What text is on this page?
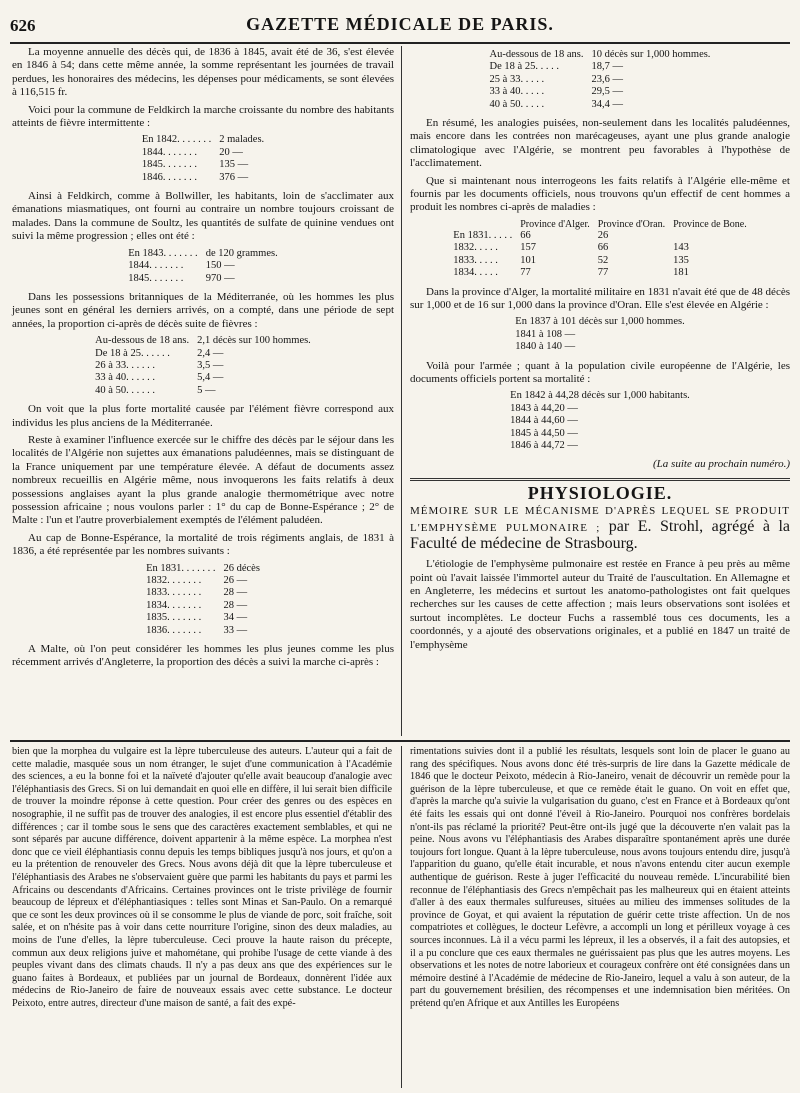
626	GAZETTE MÉDICALE DE PARIS.

La moyenne annuelle des décès qui, de 1836 à 1845, avait été de 36, s'est élevée en 1846 à 54; dans cette même année, la somme représentant les journées de travail perdues, les honoraires des médecins, les dépenses pour médicaments, se sont élevées à 116,515 fr.

Voici pour la commune de Feldkirch la marche croissante du nombre des habitants atteints de fièvre intermittente :

En 1842. . . . . . .	2 malades.
1844. . . . . . .	20 —
1845. . . . . . .	135 —
1846. . . . . . .	376 —

Ainsi à Feldkirch, comme à Bollwiller, les habitants, loin de s'acclimater aux émanations miasmatiques, ont fourni au contraire un nombre toujours croissant de malades. Dans la commune de Soultz, les quantités de sulfate de quinine vendues ont suivi la même progression ; elles ont été :

En 1843. . . . . . .	de 120 grammes.
1844. . . . . . .	150 —
1845. . . . . . .	970 —

Dans les possessions britanniques de la Méditerranée, où les hommes les plus jeunes sont en général les derniers arrivés, on a compté, dans une période de sept années, la proportion ci-après de décès suite de fièvres :

Au-dessous de 18 ans.	2,1 décès sur 100 hommes.
De 18 à 25. . . . . .	2,4 —
26 à 33. . . . . .	3,5 —
33 à 40. . . . . .	5,4 —
40 à 50. . . . . .	5 —

On voit que la plus forte mortalité causée par l'élément fièvre correspond aux individus les plus anciens de la Méditerranée.

Reste à examiner l'influence exercée sur le chiffre des décès par le séjour dans les localités de l'Algérie non sujettes aux émanations paludéennes, mais se distinguant de la France uniquement par une température élevée. A défaut de documents assez nombreux recueillis en Algérie même, nous invoquerons les faits relatifs à deux possessions anglaises ayant la plus grande analogie thermométrique avec notre possession africaine ; nous voulons parler : 1° du cap de Bonne-Espérance ; 2° de Malte : l'un et l'autre proverbialement exemptés de l'élément paludéen.

Au cap de Bonne-Espérance, la mortalité de trois régiments anglais, de 1831 à 1836, a été représentée par les nombres suivants :

En 1831. . . . . . .	26 décès
1832. . . . . . .	26 —
1833. . . . . . .	28 —
1834. . . . . . .	28 —
1835. . . . . . .	34 —
1836. . . . . . .	33 —

A Malte, où l'on peut considérer les hommes les plus jeunes comme les plus récemment arrivés d'Angleterre, la proportion des décès a suivi la marche ci-après :

Au-dessous de 18 ans.	10 décès sur 1,000 hommes.
De 18 à 25. . . . .	18,7 —
25 à 33. . . . .	23,6 —
33 à 40. . . . .	29,5 —
40 à 50. . . . .	34,4 —

En résumé, les analogies puisées, non-seulement dans les localités paludéennes, mais encore dans les contrées non marécageuses, ayant une plus grande analogie climatologique avec l'Algérie, se montrent peu favorables à l'hypothèse de l'acclimatement.

Que si maintenant nous interrogeons les faits relatifs à l'Algérie elle-même et fournis par les documents officiels, nous trouvons qu'un effectif de cent hommes a produit les nombres ci-après de maladies :

	Province d'Alger.	Province d'Oran.	Province de Bone.
En 1831. . . . .	66	26	
1832. . . . .	157	66	143
1833. . . . .	101	52	135
1834. . . . .	77	77	181

Dans la province d'Alger, la mortalité militaire en 1831 n'avait été que de 48 décès sur 1,000 et de 16 sur 1,000 dans la province d'Oran. Elle s'est élevée en Algérie :

En 1837 à 101 décès sur 1,000 hommes.
1841 à 108 —
1840 à 140 —

Voilà pour l'armée ; quant à la population civile européenne de l'Algérie, les documents officiels portent sa mortalité :

En 1842 à 44,28 décès sur 1,000 habitants.
1843 à 44,20 —
1844 à 44,60 —
1845 à 44,50 —
1846 à 44,72 —
(La suite au prochain numéro.)
PHYSIOLOGIE.
MÉMOIRE SUR LE MÉCANISME D'APRÈS LEQUEL SE PRODUIT L'EMPHYSÈME PULMONAIRE ; par E. Strohl, agrégé à la Faculté de médecine de Strasbourg.

L'étiologie de l'emphysème pulmonaire est restée en France à peu près au même point où l'avait laissée l'immortel auteur du Traité de l'auscultation. En Allemagne et en Angleterre, les médecins et surtout les anatomo-pathologistes ont fait quelques recherches sur les causes de cette affection ; mais leurs observations sont isolées et surtout incomplètes. Le docteur Fuchs a rassemblé tous ces documents, les a coordonnés, y a ajouté des observations originales, et a publié en 1847 un traité de l'emphysème

bien que la morphea du vulgaire est la lèpre tuberculeuse des auteurs. L'auteur qui a fait de cette maladie, masquée sous un nom étranger, le sujet d'une communication à l'Académie des sciences, a eu la bonne foi et la naïveté d'ajouter qu'elle avait beaucoup d'analogie avec l'éléphantiasis des Grecs. Si on lui demandait en quoi elle en diffère, il lui serait bien difficile de trouver la moindre réponse à cette question. Pour créer des genres ou des espèces en nosographie, il ne suffit pas de trouver des analogies, il est encore plus essentiel d'établir des différences ; car il tombe sous le sens que des caractères exactement semblables, et qui ne sont séparés par aucune différence, doivent appartenir à la même espèce. La morphea n'est donc que ce vieil éléphantiasis connu depuis les temps bibliques jusqu'à nos jours, et qu'on a eu la prétention de renouveler des Grecs. Nous avons déjà dit que la lèpre tuberculeuse et l'éléphantiasis des Arabes ne s'observaient guère que parmi les habitants du pays et parmi les Africains ou descendants d'Africains. Certaines provinces ont le triste privilège de fournir beaucoup de lépreux et d'éléphantiasiques : telles sont Minas et San-Paulo. On a remarqué que ce sont les deux provinces où il se consomme le plus de viande de porc, soit fraîche, soit salée, et on n'hésite pas à voir dans cette nourriture l'origine, sinon des deux maladies, au moins de l'une d'elles, la lèpre tuberculeuse. Ceci prouve la haute raison du précepte, commun aux deux religions juive et mahométane, qui prohibe l'usage de cette viande à des peuples vivant dans des climats chauds. Il n'y a pas deux ans que des expériences sur le guano faites à Bordeaux, et publiées par un journal de Bordeaux, donnèrent l'idée aux médecins de Rio-Janeiro de faire de nouveaux essais avec cette substance. Le docteur Peixoto, entre autres, directeur d'une maison de santé, a fait des expé-

rimentations suivies dont il a publié les résultats, lesquels sont loin de placer le guano au rang des spécifiques. Nous avons donc été très-surpris de lire dans la Gazette médicale de 1846 que le docteur Peixoto, médecin à Rio-Janeiro, venait de découvrir un remède pour la guérison de la lèpre tuberculeuse, et que ce remède était le guano. On voit en effet que, d'après la marche qu'a suivie la vulgarisation du guano, c'est en France et à Bordeaux qu'ont été faits les essais qui ont donné l'éveil à Rio-Janeiro. Pourquoi nos confrères bordelais n'ont-ils pas réclamé la priorité? Peut-être ont-ils jugé que la découverte n'en valait pas la peine. Nous avons vu l'éléphantiasis des Arabes disparaître spontanément après une durée toujours fort longue. Quant à la lèpre tuberculeuse, nous avons toujours entendu dire, jusqu'à l'apparition du guano, qu'elle était incurable, et nous n'avons entendu citer aucun exemple authentique de guérison. Reste à juger l'efficacité du nouveau remède. L'incurabilité bien reconnue de l'éléphantiasis des Grecs n'empêchait pas les malheureux qui en étaient atteints d'aller à des eaux thermales sulfureuses, situées au milieu des immenses solitudes de la province de Goyat, et qui avaient la réputation de guérir cette triste affection. Un de nos compatriotes et collègues, le docteur Lefèvre, a accompli un long et périlleux voyage à ces sources inconnues. Là il a vécu parmi les lépreux, il les a observés, il a fait des autopsies, et il a pu conclure que ces eaux thermales ne guérissaient pas plus que les autres moyens. Les observations et les notes de notre laborieux et courageux confrère ont été consignées dans un mémoire destiné à l'Académie de médecine de Rio-Janeiro, lequel a valu à son auteur, de la part du gouvernement brésilien, des récompenses et une indemnisation bien méritées. On prétend qu'en Afrique et aux Antilles les Européens
